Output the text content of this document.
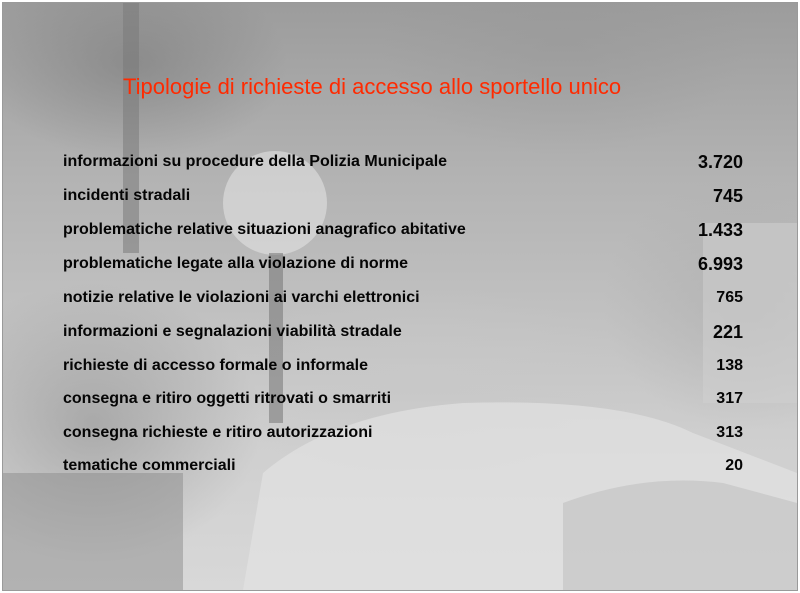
Tipologie di richieste di accesso allo sportello unico
informazioni su procedure della Polizia Municipale	3.720
incidenti stradali	745
problematiche relative situazioni anagrafico abitative	1.433
problematiche legate alla violazione di norme	6.993
notizie relative le violazioni ai varchi elettronici	765
informazioni e segnalazioni viabilità stradale	221
richieste di accesso formale o informale	138
consegna e ritiro oggetti ritrovati o smarriti	317
consegna richieste e ritiro autorizzazioni	313
tematiche commerciali	20
